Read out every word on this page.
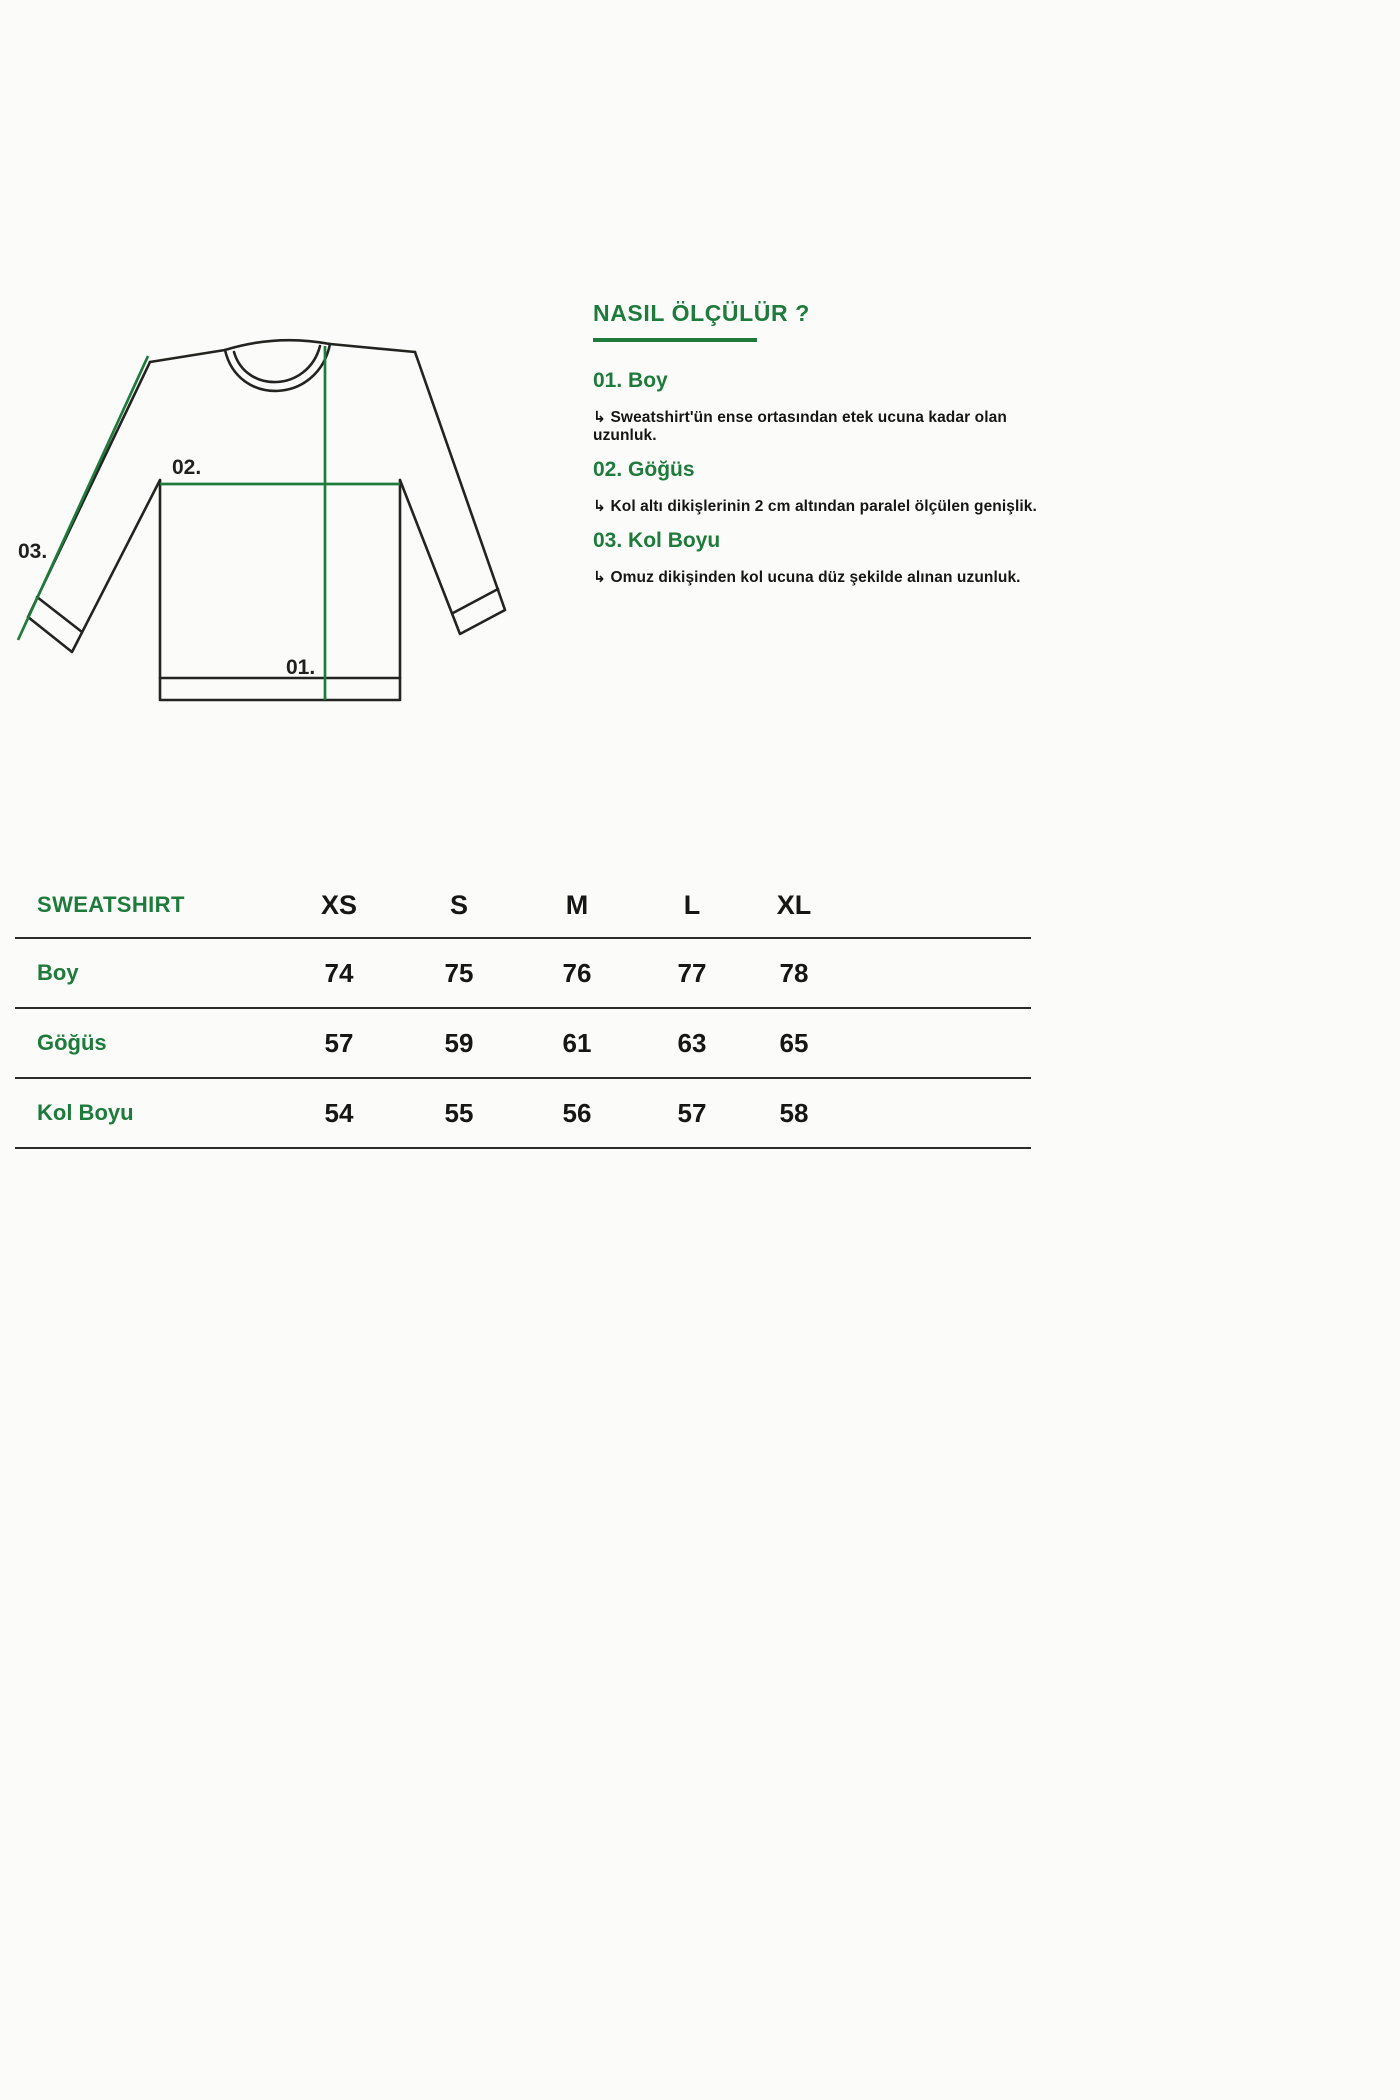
02.
03.
01.
NASIL ÖLÇÜLÜR ?
01. Boy
↳ Sweatshirt'ün ense ortasından etek ucuna kadar olan uzunluk.
02. Göğüs
↳ Kol altı dikişlerinin 2 cm altından paralel ölçülen genişlik.
03. Kol Boyu
↳ Omuz dikişinden kol ucuna düz şekilde alınan uzunluk.
SWEATSHIRT	XS	S	M	L	XL
Boy	74	75	76	77	78
Göğüs	57	59	61	63	65
Kol Boyu	54	55	56	57	58
